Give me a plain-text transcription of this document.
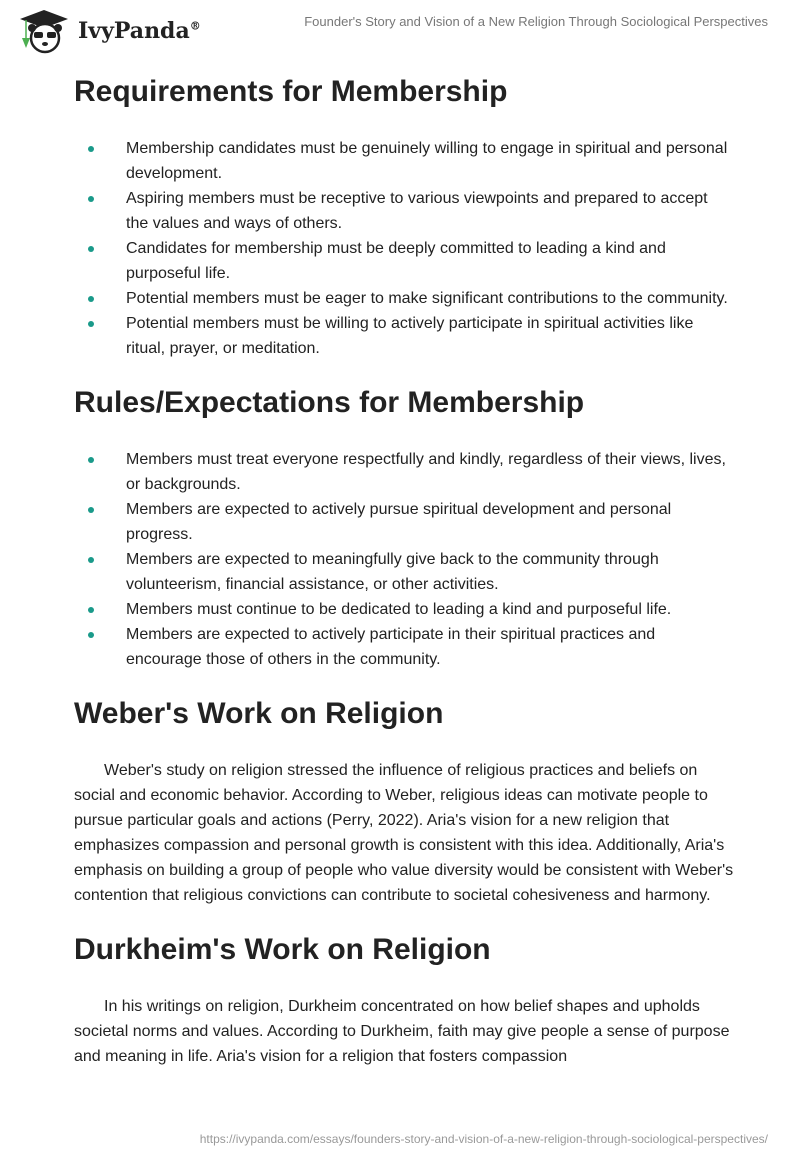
IvyPanda®	Founder's Story and Vision of a New Religion Through Sociological Perspectives
Requirements for Membership
Membership candidates must be genuinely willing to engage in spiritual and personal development.
Aspiring members must be receptive to various viewpoints and prepared to accept the values and ways of others.
Candidates for membership must be deeply committed to leading a kind and purposeful life.
Potential members must be eager to make significant contributions to the community.
Potential members must be willing to actively participate in spiritual activities like ritual, prayer, or meditation.
Rules/Expectations for Membership
Members must treat everyone respectfully and kindly, regardless of their views, lives, or backgrounds.
Members are expected to actively pursue spiritual development and personal progress.
Members are expected to meaningfully give back to the community through volunteerism, financial assistance, or other activities.
Members must continue to be dedicated to leading a kind and purposeful life.
Members are expected to actively participate in their spiritual practices and encourage those of others in the community.
Weber's Work on Religion

Weber's study on religion stressed the influence of religious practices and beliefs on social and economic behavior. According to Weber, religious ideas can motivate people to pursue particular goals and actions (Perry, 2022). Aria's vision for a new religion that emphasizes compassion and personal growth is consistent with this idea. Additionally, Aria's emphasis on building a group of people who value diversity would be consistent with Weber's contention that religious convictions can contribute to societal cohesiveness and harmony.

Durkheim's Work on Religion

In his writings on religion, Durkheim concentrated on how belief shapes and upholds societal norms and values. According to Durkheim, faith may give people a sense of purpose and meaning in life. Aria's vision for a religion that fosters compassion

https://ivypanda.com/essays/founders-story-and-vision-of-a-new-religion-through-sociological-perspectives/
